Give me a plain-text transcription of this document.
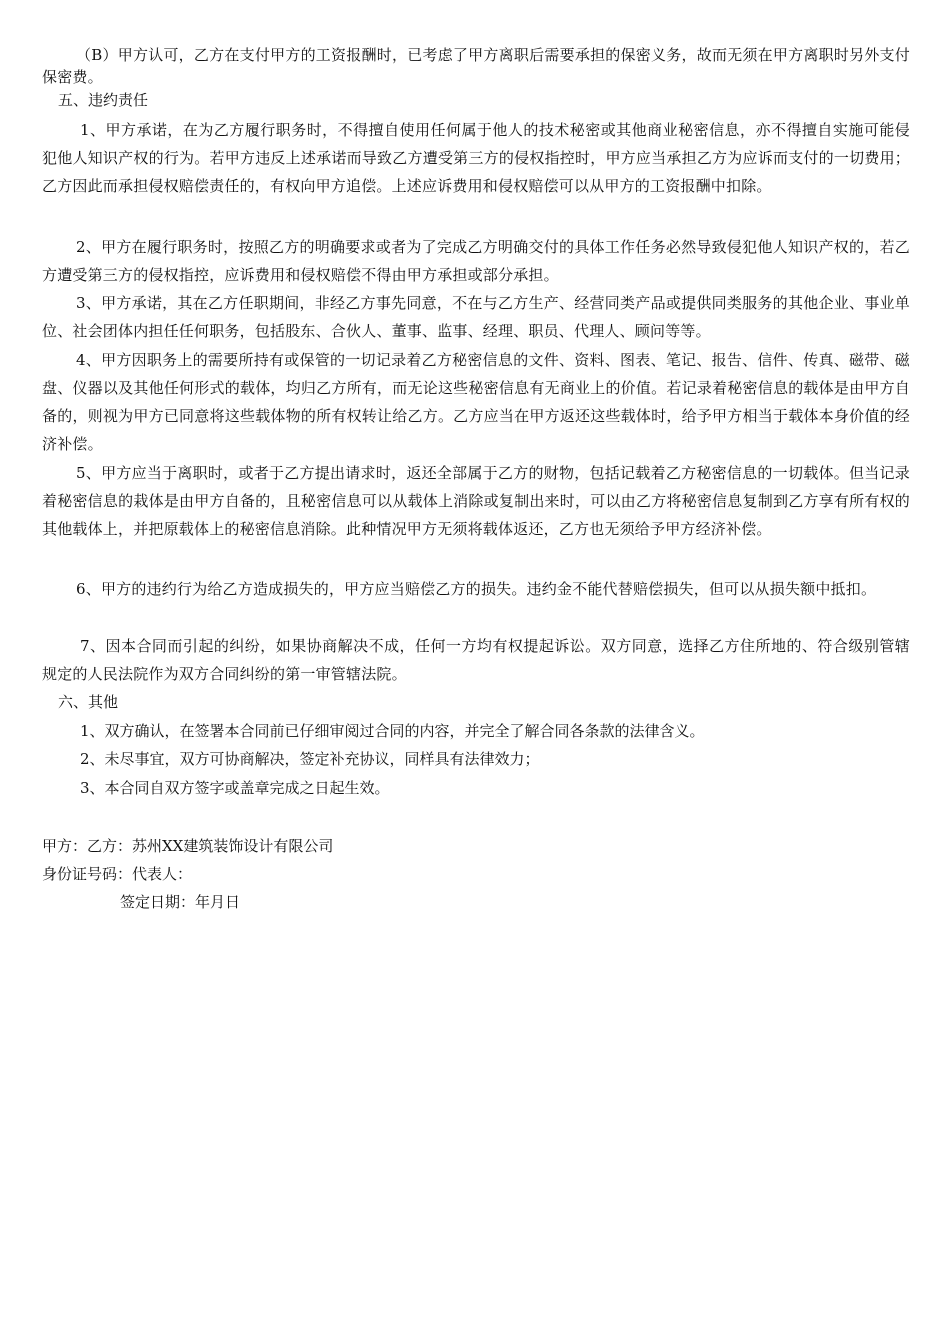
（B）甲方认可，乙方在支付甲方的工资报酬时，已考虑了甲方离职后需要承担的保密义务，故而无须在甲方离职时另外支付保密费。

五、违约责任

1、甲方承诺，在为乙方履行职务时，不得擅自使用任何属于他人的技术秘密或其他商业秘密信息，亦不得擅自实施可能侵犯他人知识产权的行为。若甲方违反上述承诺而导致乙方遭受第三方的侵权指控时，甲方应当承担乙方为应诉而支付的一切费用；乙方因此而承担侵权赔偿责任的，有权向甲方追偿。上述应诉费用和侵权赔偿可以从甲方的工资报酬中扣除。

2、甲方在履行职务时，按照乙方的明确要求或者为了完成乙方明确交付的具体工作任务必然导致侵犯他人知识产权的，若乙方遭受第三方的侵权指控，应诉费用和侵权赔偿不得由甲方承担或部分承担。

3、甲方承诺，其在乙方任职期间，非经乙方事先同意，不在与乙方生产、经营同类产品或提供同类服务的其他企业、事业单位、社会团体内担任任何职务，包括股东、合伙人、董事、监事、经理、职员、代理人、顾问等等。

4、甲方因职务上的需要所持有或保管的一切记录着乙方秘密信息的文件、资料、图表、笔记、报告、信件、传真、磁带、磁盘、仪器以及其他任何形式的载体，均归乙方所有，而无论这些秘密信息有无商业上的价值。若记录着秘密信息的载体是由甲方自备的，则视为甲方已同意将这些载体物的所有权转让给乙方。乙方应当在甲方返还这些载体时，给予甲方相当于载体本身价值的经济补偿。

5、甲方应当于离职时，或者于乙方提出请求时，返还全部属于乙方的财物，包括记载着乙方秘密信息的一切载体。但当记录着秘密信息的栽体是由甲方自备的，且秘密信息可以从载体上消除或复制出来时，可以由乙方将秘密信息复制到乙方享有所有权的其他载体上，并把原载体上的秘密信息消除。此种情况甲方无须将载体返还，乙方也无须给予甲方经济补偿。

6、甲方的违约行为给乙方造成损失的，甲方应当赔偿乙方的损失。违约金不能代替赔偿损失，但可以从损失额中抵扣。

7、因本合同而引起的纠纷，如果协商解决不成，任何一方均有权提起诉讼。双方同意，选择乙方住所地的、符合级别管辖规定的人民法院作为双方合同纠纷的第一审管辖法院。

六、其他

1、双方确认，在签署本合同前已仔细审阅过合同的内容，并完全了解合同各条款的法律含义。

2、未尽事宜，双方可协商解决，签定补充协议，同样具有法律效力；

3、本合同自双方签字或盖章完成之日起生效。

甲方：乙方：苏州XX建筑装饰设计有限公司

身份证号码：代表人：

签定日期：年月日
